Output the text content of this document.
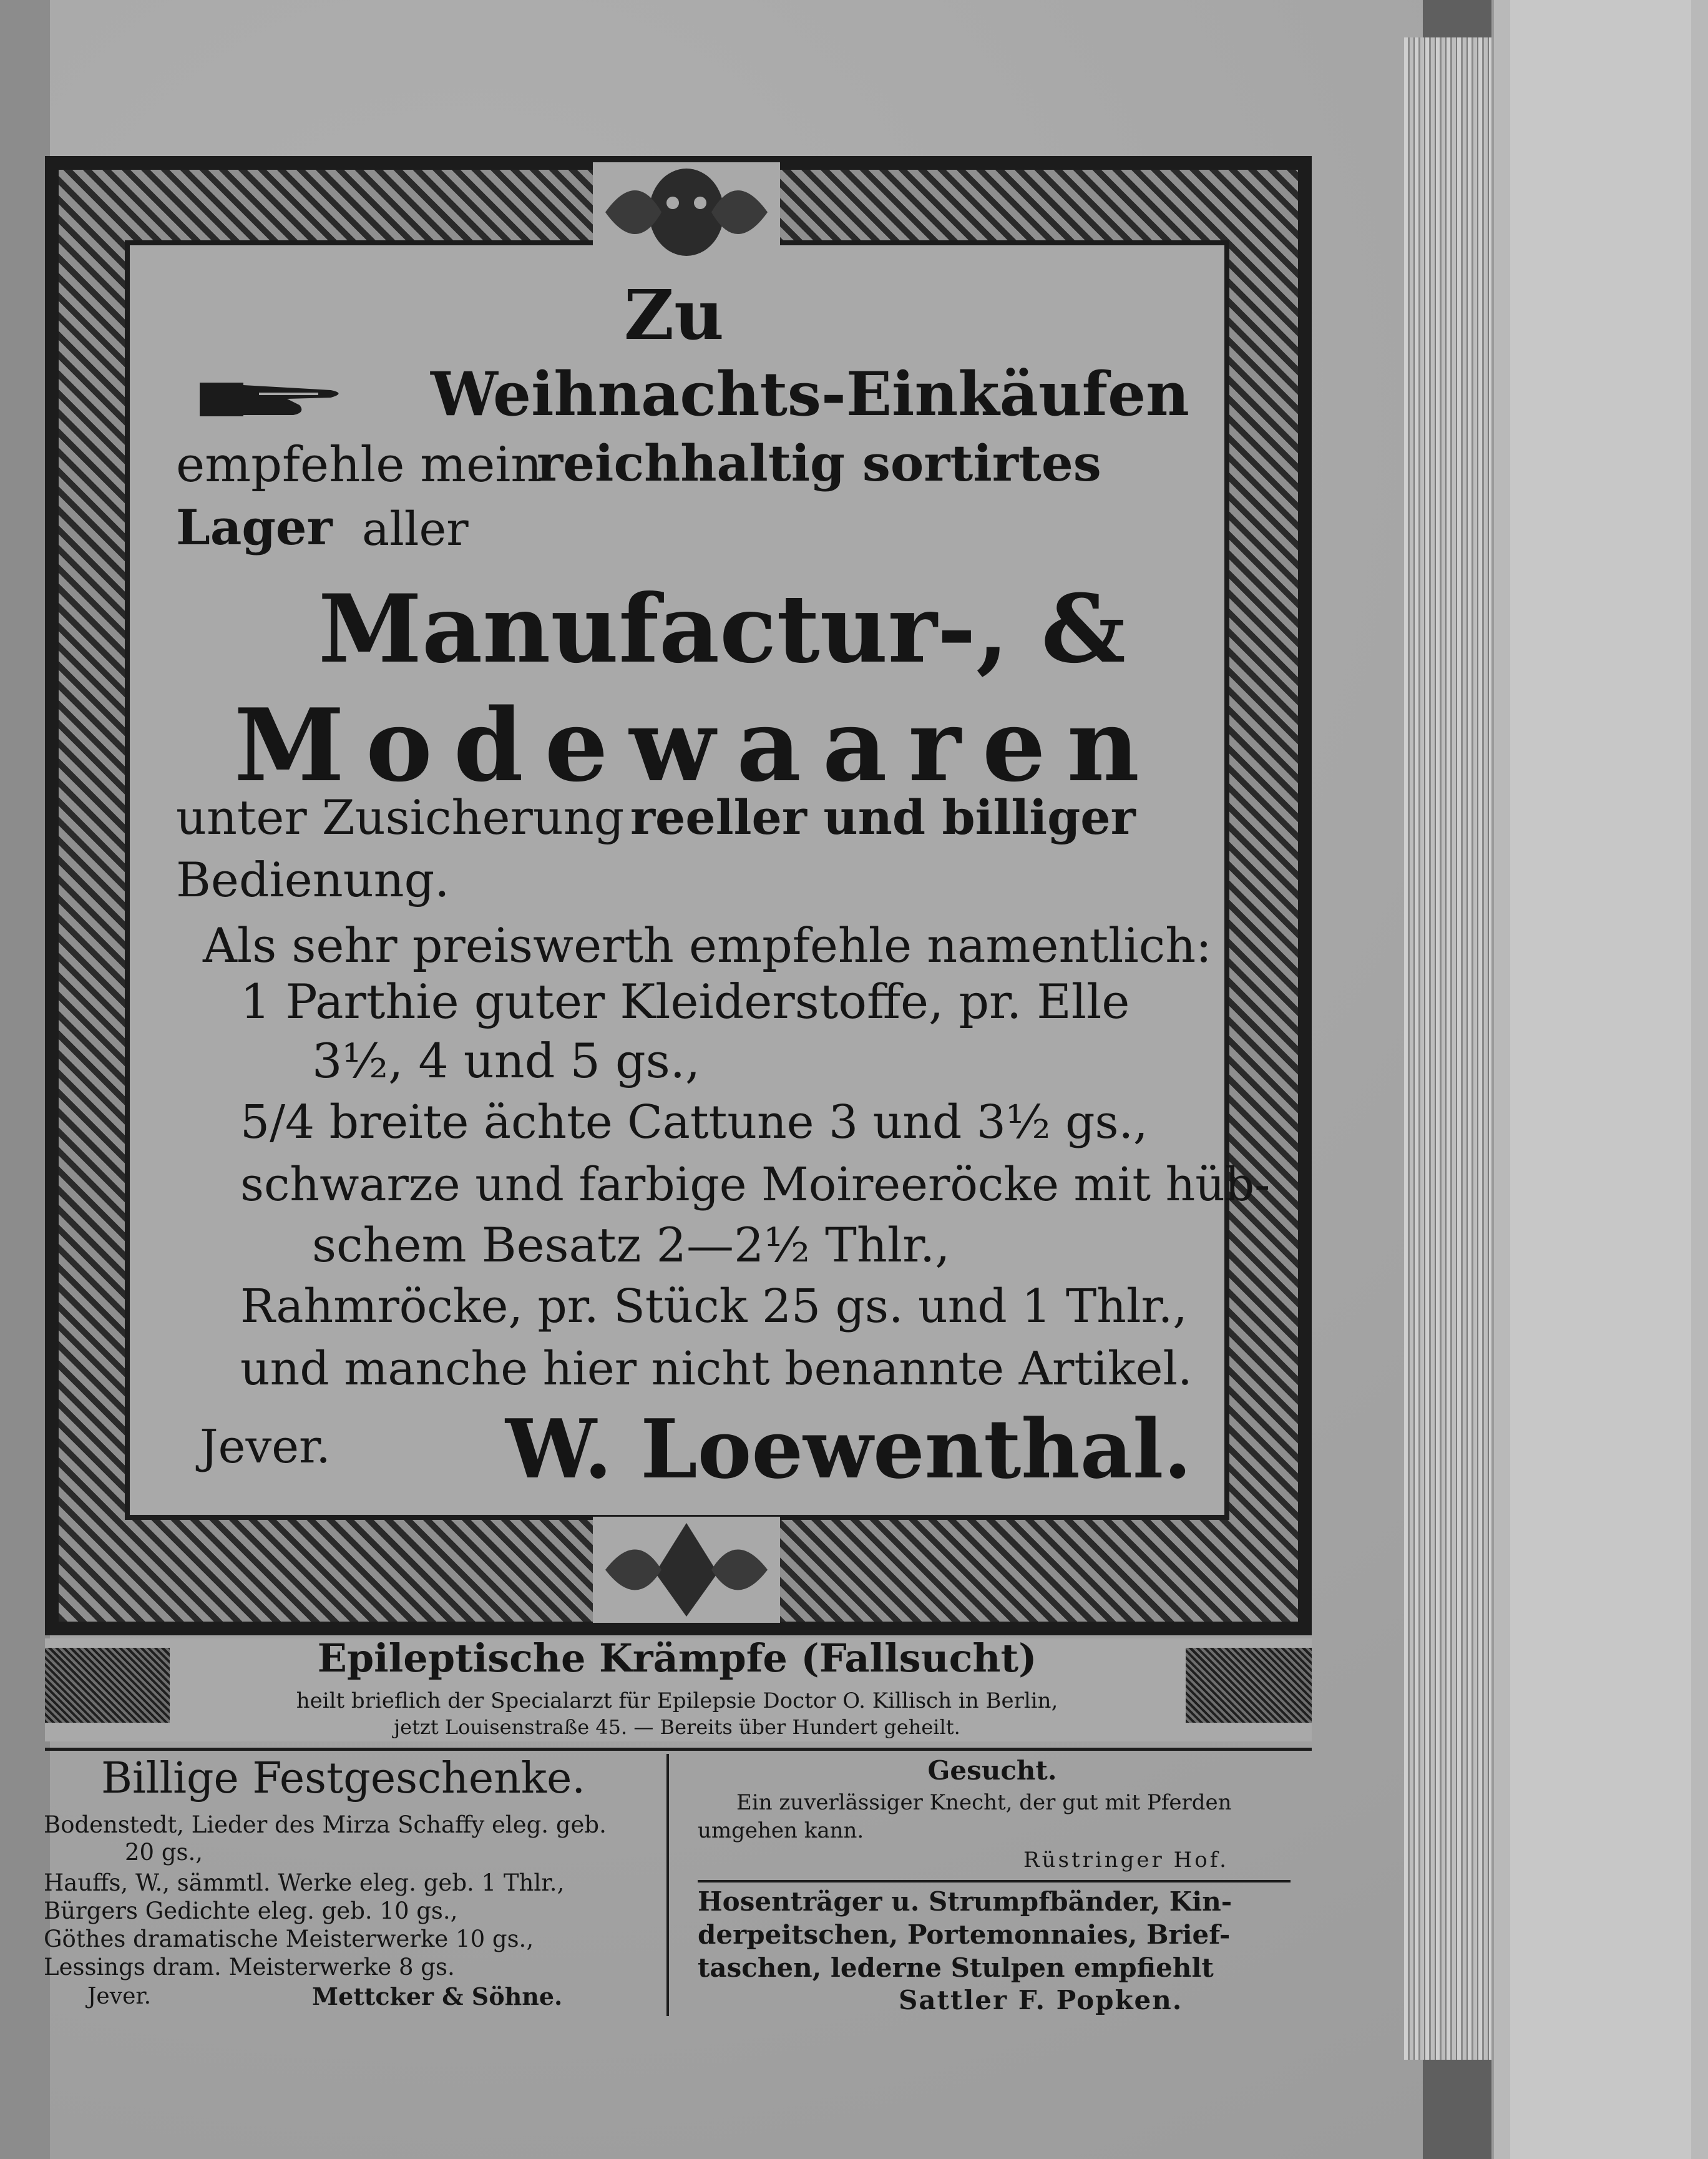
Zu
Weihnachts-Einkäufen
empfehle mein
reichhaltig sortirtes
Lager aller
Manufactur-, &
Modewaaren
unter Zusicherung reeller und billiger
Bedienung.
Als sehr preiswerth empfehle namentlich:
1 Parthie guter Kleiderstoffe, pr. Elle
3½, 4 und 5 gs.,
5/4 breite ächte Cattune 3 und 3½ gs.,
schwarze und farbige Moireeröcke mit hüb-
schem Besatz 2—2½ Thlr.,
Rahmröcke, pr. Stück 25 gs. und 1 Thlr.,
und manche hier nicht benannte Artikel.
Jever. W. Loewenthal.
Epileptische Krämpfe (Fallsucht)
heilt brieflich der Specialarzt für Epilepsie Doctor O. Killisch in Berlin,
jetzt Louisenstraße 45. — Bereits über Hundert geheilt.
Billige Festgeschenke.
Bodenstedt, Lieder des Mirza Schaffy eleg. geb.
20 gs.,
Hauffs, W., sämmtl. Werke eleg. geb. 1 Thlr.,
Bürgers Gedichte eleg. geb. 10 gs.,
Göthes dramatische Meisterwerke 10 gs.,
Lessings dram. Meisterwerke 8 gs.
Jever.	Mettcker & Söhne.
Gesucht.
Ein zuverlässiger Knecht, der gut mit Pferden
umgehen kann.
Rüstringer Hof.
Hosenträger u. Strumpfbänder, Kin-
derpeitschen, Portemonnaies, Brief-
taschen, lederne Stulpen empfiehlt
Sattler F. Popken.
